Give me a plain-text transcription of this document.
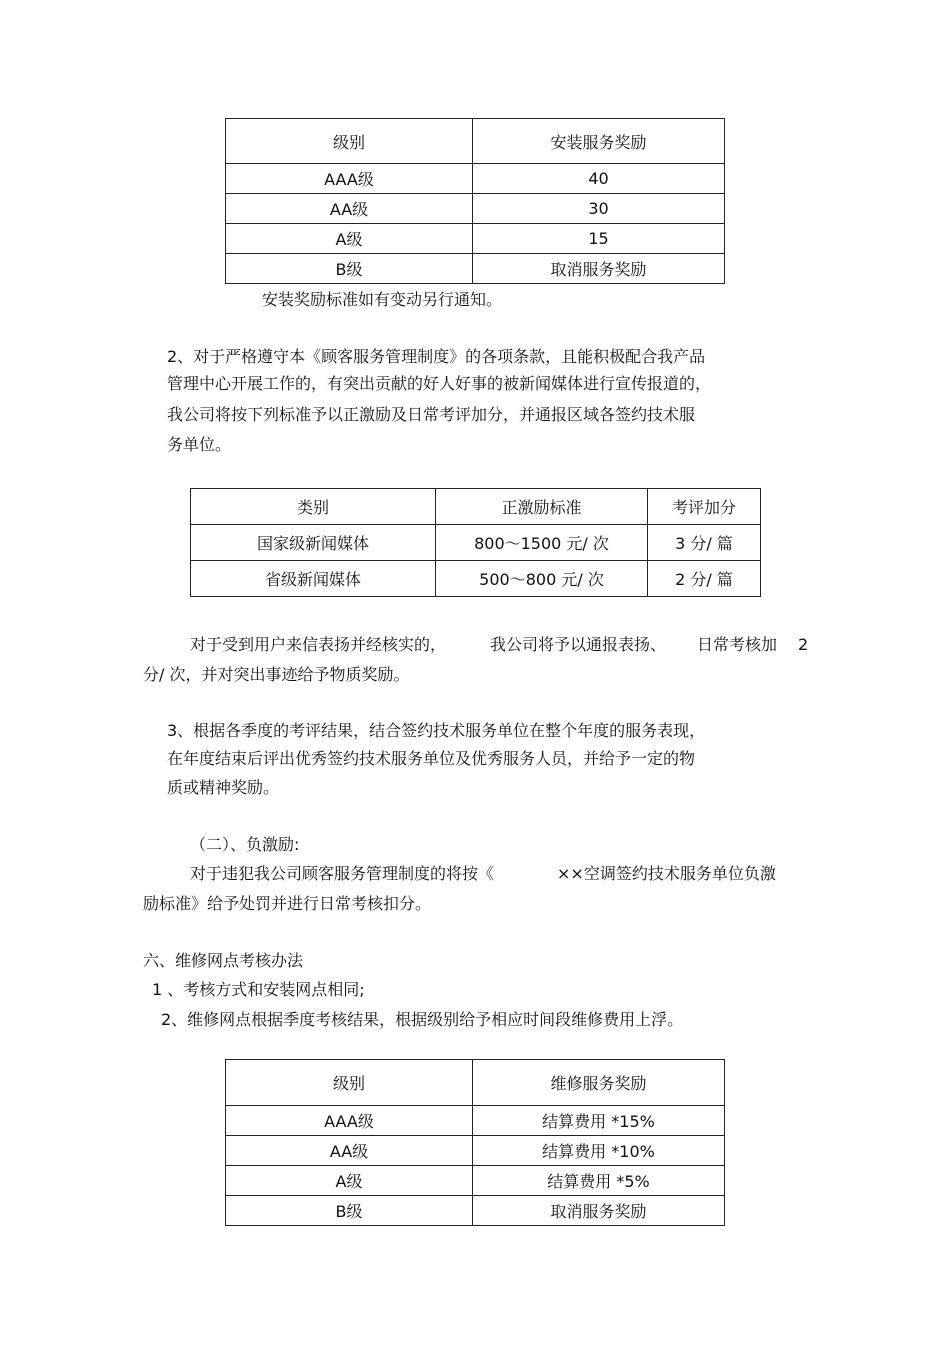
级别	安装服务奖励
AAA级	40
AA级	30
A级	15
B级	取消服务奖励
安装奖励标准如有变动另行通知。
2、对于严格遵守本《顾客服务管理制度》的各项条款，且能积极配合我产品
管理中心开展工作的，有突出贡献的好人好事的被新闻媒体进行宣传报道的，
我公司将按下列标准予以正激励及日常考评加分，并通报区域各签约技术服
务单位。
类别	正激励标准	考评加分
国家级新闻媒体	800～1500 元/ 次	3 分/ 篇
省级新闻媒体	500～800 元/ 次	2 分/ 篇
对于受到用户来信表扬并经核实的，	我公司将予以通报表扬、 日常考核加 2
分/ 次，并对突出事迹给予物质奖励。
3、根据各季度的考评结果，结合签约技术服务单位在整个年度的服务表现，
在年度结束后评出优秀签约技术服务单位及优秀服务人员，并给予一定的物
质或精神奖励。
（二）、负激励:
对于违犯我公司顾客服务管理制度的将按《	××空调签约技术服务单位负激
励标准》给予处罚并进行日常考核扣分。
六、维修网点考核办法
1 、考核方式和安装网点相同;
2、维修网点根据季度考核结果，根据级别给予相应时间段维修费用上浮。
级别	维修服务奖励
AAA级	结算费用 *15%
AA级	结算费用 *10%
A级	结算费用 *5%
B级	取消服务奖励
